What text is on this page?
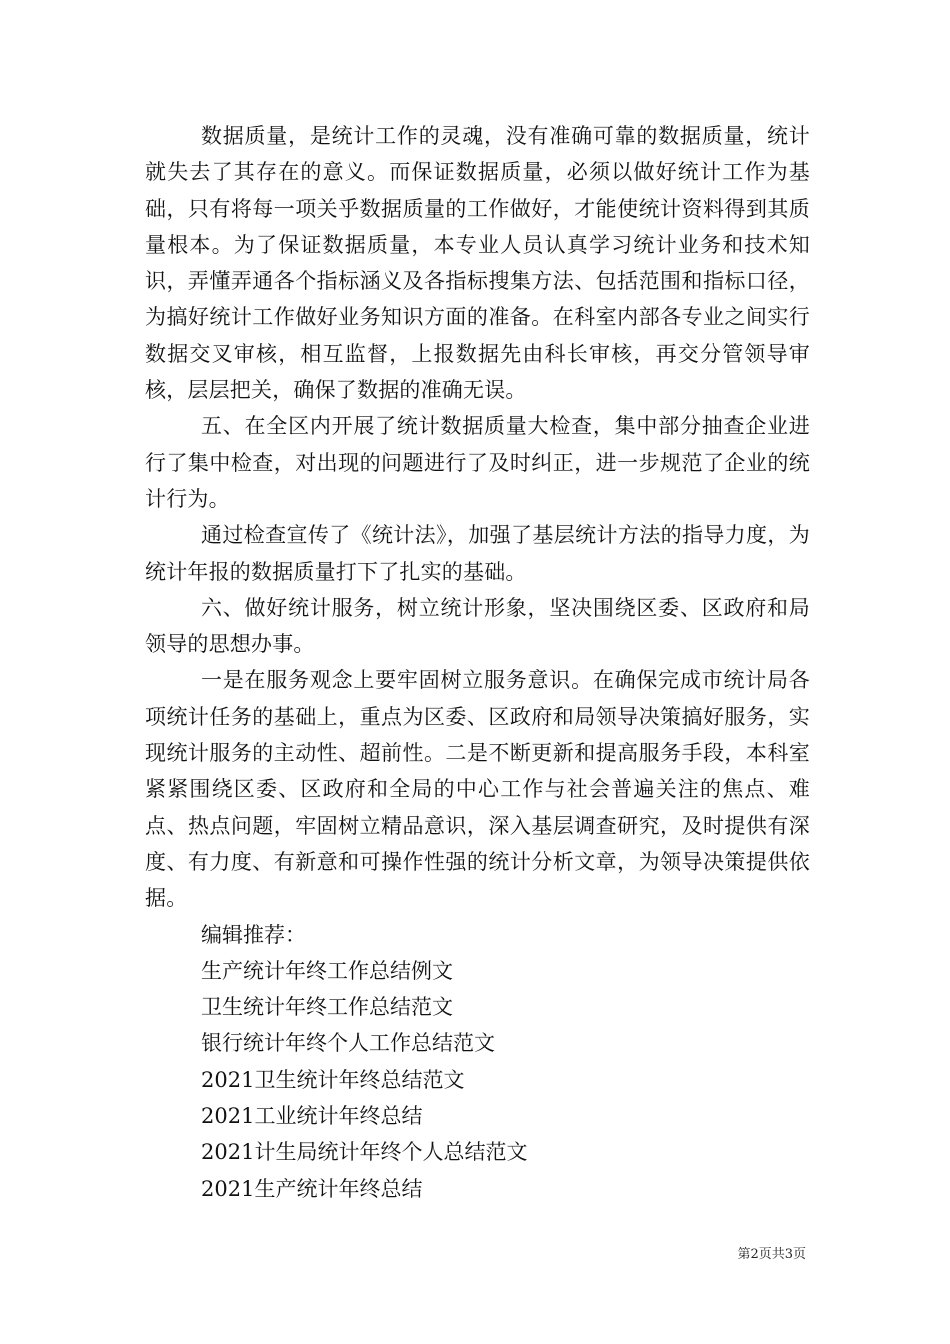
数据质量，是统计工作的灵魂，没有准确可靠的数据质量，统计就失去了其存在的意义。而保证数据质量，必须以做好统计工作为基础，只有将每一项关乎数据质量的工作做好，才能使统计资料得到其质量根本。为了保证数据质量，本专业人员认真学习统计业务和技术知识，弄懂弄通各个指标涵义及各指标搜集方法、包括范围和指标口径，为搞好统计工作做好业务知识方面的准备。在科室内部各专业之间实行数据交叉审核，相互监督，上报数据先由科长审核，再交分管领导审核，层层把关，确保了数据的准确无误。

五、在全区内开展了统计数据质量大检查，集中部分抽查企业进行了集中检查，对出现的问题进行了及时纠正，进一步规范了企业的统计行为。

通过检查宣传了《统计法》，加强了基层统计方法的指导力度，为统计年报的数据质量打下了扎实的基础。

六、做好统计服务，树立统计形象，坚决围绕区委、区政府和局领导的思想办事。

一是在服务观念上要牢固树立服务意识。在确保完成市统计局各项统计任务的基础上，重点为区委、区政府和局领导决策搞好服务，实现统计服务的主动性、超前性。二是不断更新和提高服务手段，本科室紧紧围绕区委、区政府和全局的中心工作与社会普遍关注的焦点、难点、热点问题，牢固树立精品意识，深入基层调查研究，及时提供有深度、有力度、有新意和可操作性强的统计分析文章，为领导决策提供依据。

编辑推荐：

生产统计年终工作总结例文
卫生统计年终工作总结范文
银行统计年终个人工作总结范文
2021卫生统计年终总结范文
2021工业统计年终总结
2021计生局统计年终个人总结范文
2021生产统计年终总结
第2页共3页
